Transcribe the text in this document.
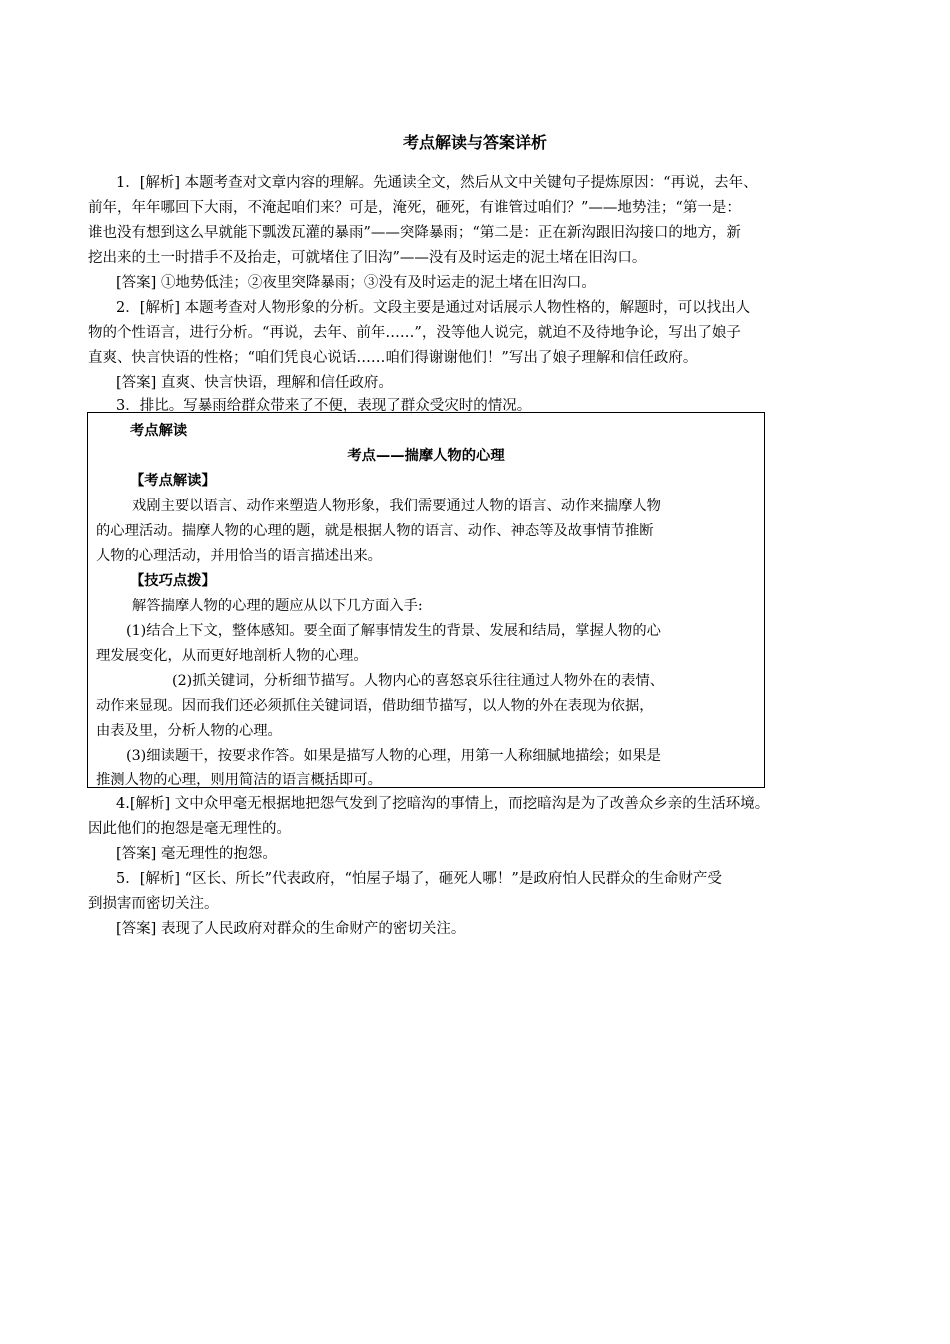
考点解读与答案详析
1．[解析] 本题考查对文章内容的理解。先通读全文，然后从文中关键句子提炼原因：“再说，去年、
前年，年年哪回下大雨，不淹起咱们来？可是，淹死，砸死，有谁管过咱们？”——地势洼；“第一是：
谁也没有想到这么早就能下瓢泼瓦灌的暴雨”——突降暴雨；“第二是：正在新沟跟旧沟接口的地方，新
挖出来的土一时措手不及抬走，可就堵住了旧沟”——没有及时运走的泥土堵在旧沟口。
[答案] ①地势低洼；②夜里突降暴雨；③没有及时运走的泥土堵在旧沟口。
2．[解析] 本题考查对人物形象的分析。文段主要是通过对话展示人物性格的，解题时，可以找出人
物的个性语言，进行分析。“再说，去年、前年……”，没等他人说完，就迫不及待地争论，写出了娘子
直爽、快言快语的性格；“咱们凭良心说话……咱们得谢谢他们！”写出了娘子理解和信任政府。
[答案] 直爽、快言快语，理解和信任政府。
3．排比。写暴雨给群众带来了不便，表现了群众受灾时的情况。
考点解读
考点——揣摩人物的心理
【考点解读】
戏剧主要以语言、动作来塑造人物形象，我们需要通过人物的语言、动作来揣摩人物
的心理活动。揣摩人物的心理的题，就是根据人物的语言、动作、神态等及故事情节推断
人物的心理活动，并用恰当的语言描述出来。
【技巧点拨】
解答揣摩人物的心理的题应从以下几方面入手:
(1)结合上下文，整体感知。要全面了解事情发生的背景、发展和结局，掌握人物的心
理发展变化，从而更好地剖析人物的心理。
(2)抓关键词，分析细节描写。人物内心的喜怒哀乐往往通过人物外在的表情、
动作来显现。因而我们还必须抓住关键词语，借助细节描写，以人物的外在表现为依据，
由表及里，分析人物的心理。
(3)细读题干，按要求作答。如果是描写人物的心理，用第一人称细腻地描绘；如果是
推测人物的心理，则用简洁的语言概括即可。
4.[解析] 文中众甲毫无根据地把怨气发到了挖暗沟的事情上，而挖暗沟是为了改善众乡亲的生活环境。
因此他们的抱怨是毫无理性的。
[答案] 毫无理性的抱怨。
5．[解析] “区长、所长”代表政府，“怕屋子塌了，砸死人哪！”是政府怕人民群众的生命财产受
到损害而密切关注。
[答案] 表现了人民政府对群众的生命财产的密切关注。
